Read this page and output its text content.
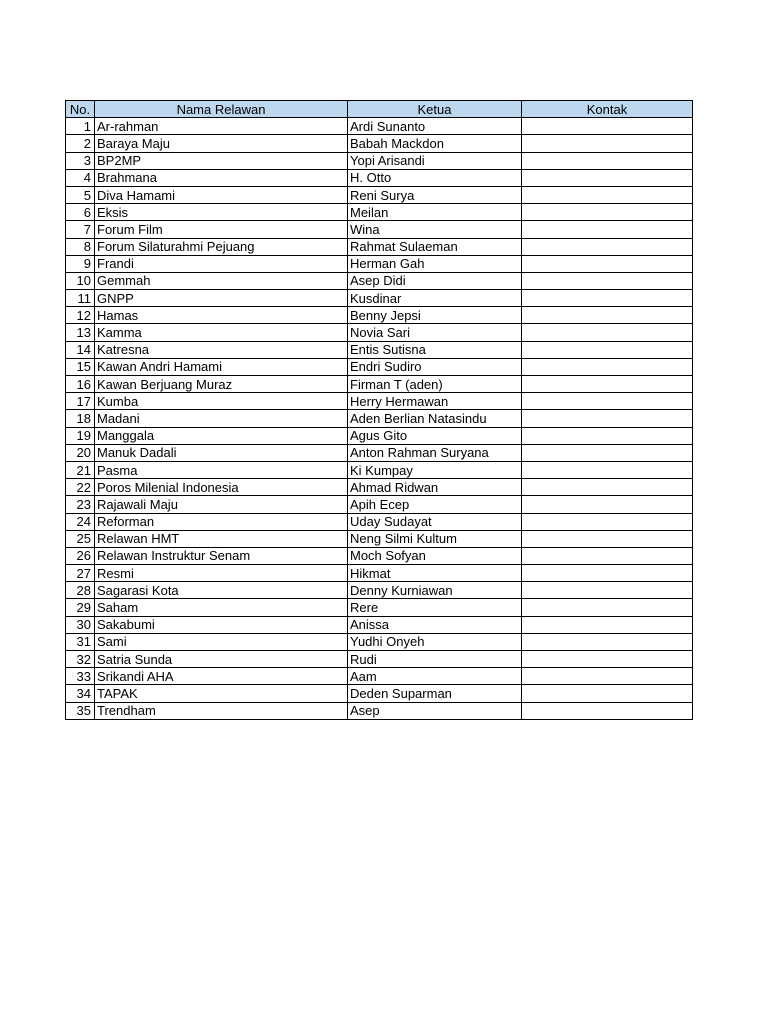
No.	Nama Relawan	Ketua	Kontak
1	Ar-rahman	Ardi Sunanto	
2	Baraya Maju	Babah Mackdon	
3	BP2MP	Yopi Arisandi	
4	Brahmana	H. Otto	
5	Diva Hamami	Reni Surya	
6	Eksis	Meilan	
7	Forum Film	Wina	
8	Forum Silaturahmi Pejuang	Rahmat Sulaeman	
9	Frandi	Herman Gah	
10	Gemmah	Asep Didi	
11	GNPP	Kusdinar	
12	Hamas	Benny Jepsi	
13	Kamma	Novia Sari	
14	Katresna	Entis Sutisna	
15	Kawan Andri Hamami	Endri Sudiro	
16	Kawan Berjuang Muraz	Firman T (aden)	
17	Kumba	Herry Hermawan	
18	Madani	Aden Berlian Natasindu	
19	Manggala	Agus Gito	
20	Manuk Dadali	Anton Rahman Suryana	
21	Pasma	Ki Kumpay	
22	Poros Milenial Indonesia	Ahmad Ridwan	
23	Rajawali Maju	Apih Ecep	
24	Reforman	Uday Sudayat	
25	Relawan HMT	Neng Silmi Kultum	
26	Relawan Instruktur Senam	Moch Sofyan	
27	Resmi	Hikmat	
28	Sagarasi Kota	Denny Kurniawan	
29	Saham	Rere	
30	Sakabumi	Anissa	
31	Sami	Yudhi Onyeh	
32	Satria Sunda	Rudi	
33	Srikandi AHA	Aam	
34	TAPAK	Deden Suparman	
35	Trendham	Asep	
